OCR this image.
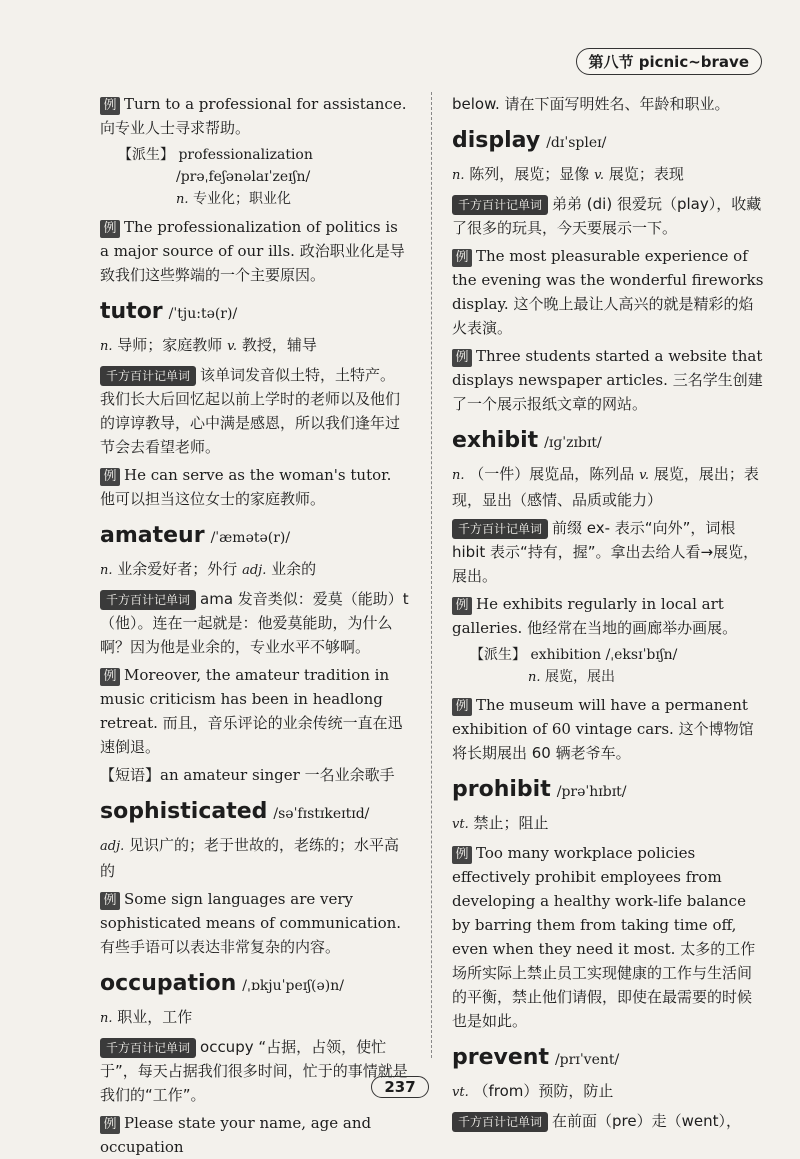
第八节 picnic~brave

例 Turn to a professional for assistance. 向专业人士寻求帮助。

【派生】 professionalization
/prəˌfeʃənəlaɪˈzeɪʃn/
n. 专业化；职业化

例 The professionalization of politics is a major source of our ills. 政治职业化是导致我们这些弊端的一个主要原因。

tutor /ˈtju:tə(r)/

n. 导师；家庭教师 v. 教授，辅导

千方百计记单词 该单词发音似土特，土特产。我们长大后回忆起以前上学时的老师以及他们的谆谆教导，心中满是感恩，所以我们逢年过节会去看望老师。

例 He can serve as the woman's tutor. 他可以担当这位女士的家庭教师。

amateur /ˈæmətə(r)/

n. 业余爱好者；外行 adj. 业余的

千方百计记单词 ama 发音类似：爱莫（能助）t（他）。连在一起就是：他爱莫能助，为什么啊？因为他是业余的，专业水平不够啊。

例 Moreover, the amateur tradition in music criticism has been in headlong retreat. 而且，音乐评论的业余传统一直在迅速倒退。

【短语】an amateur singer 一名业余歌手

sophisticated /səˈfɪstɪkeɪtɪd/

adj. 见识广的；老于世故的，老练的；水平高的

例 Some sign languages are very sophisticated means of communication. 有些手语可以表达非常复杂的内容。

occupation /ˌɒkjuˈpeɪʃ(ə)n/

n. 职业，工作

千方百计记单词 occupy “占据，占领，使忙于”，每天占据我们很多时间，忙于的事情就是我们的“工作”。

例 Please state your name, age and occupation

below. 请在下面写明姓名、年龄和职业。

display /dɪˈspleɪ/

n. 陈列，展览；显像 v. 展览；表现

千方百计记单词 弟弟 (di) 很爱玩（play），收藏了很多的玩具，今天要展示一下。

例 The most pleasurable experience of the evening was the wonderful fireworks display. 这个晚上最让人高兴的就是精彩的焰火表演。

例 Three students started a website that displays newspaper articles. 三名学生创建了一个展示报纸文章的网站。

exhibit /ɪɡˈzɪbɪt/

n. （一件）展览品，陈列品 v. 展览，展出；表现，显出（感情、品质或能力）

千方百计记单词 前缀 ex- 表示“向外”，词根 hibit 表示“持有，握”。拿出去给人看→展览，展出。

例 He exhibits regularly in local art galleries. 他经常在当地的画廊举办画展。

【派生】 exhibition /ˌeksɪˈbɪʃn/
n. 展览，展出

例 The museum will have a permanent exhibition of 60 vintage cars. 这个博物馆将长期展出 60 辆老爷车。

prohibit /prəˈhɪbɪt/

vt. 禁止；阻止

例 Too many workplace policies effectively prohibit employees from developing a healthy work-life balance by barring them from taking time off, even when they need it most. 太多的工作场所实际上禁止员工实现健康的工作与生活间的平衡，禁止他们请假，即使在最需要的时候也是如此。

prevent /prɪˈvent/

vt. （from）预防，防止

千方百计记单词 在前面（pre）走（went），

237
